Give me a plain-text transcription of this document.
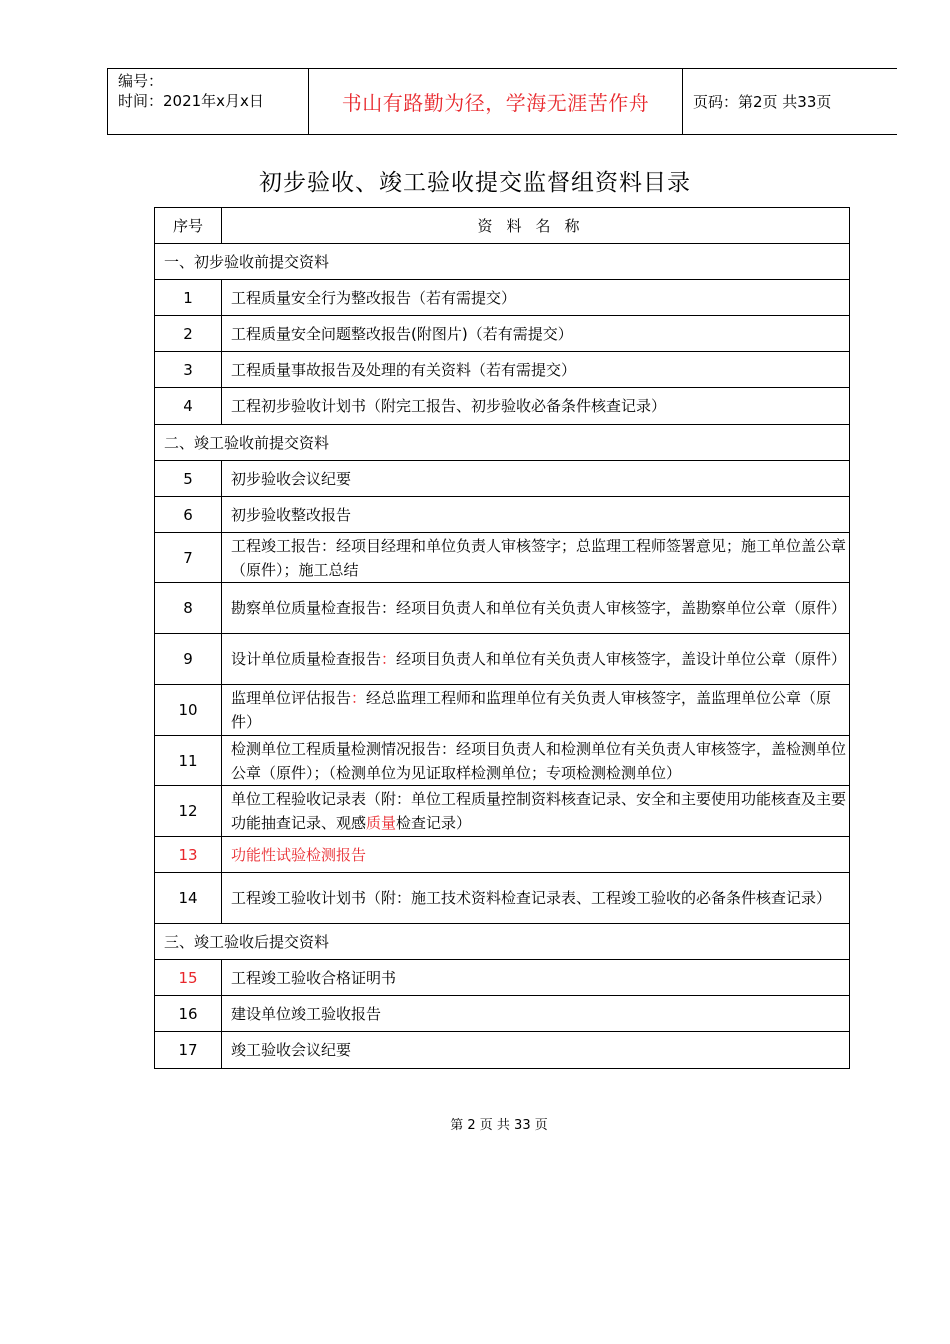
编号：
时间：2021年x月x日	书山有路勤为径，学海无涯苦作舟	页码：第2页 共33页
初步验收、竣工验收提交监督组资料目录
序号	资料名称
一、初步验收前提交资料	
1	工程质量安全行为整改报告（若有需提交）
2	工程质量安全问题整改报告(附图片)（若有需提交）
3	工程质量事故报告及处理的有关资料（若有需提交）
4	工程初步验收计划书（附完工报告、初步验收必备条件核查记录）
二、竣工验收前提交资料	
5	初步验收会议纪要
6	初步验收整改报告
7	工程竣工报告：经项目经理和单位负责人审核签字；总监理工程师签署意见；施工单位盖公章（原件）；施工总结
8	勘察单位质量检查报告：经项目负责人和单位有关负责人审核签字，盖勘察单位公章（原件）
9	设计单位质量检查报告：经项目负责人和单位有关负责人审核签字，盖设计单位公章（原件）
10	监理单位评估报告：经总监理工程师和监理单位有关负责人审核签字，盖监理单位公章（原件）
11	检测单位工程质量检测情况报告：经项目负责人和检测单位有关负责人审核签字，盖检测单位公章（原件）；（检测单位为见证取样检测单位；专项检测检测单位）
12	单位工程验收记录表（附：单位工程质量控制资料核查记录、安全和主要使用功能核查及主要功能抽查记录、观感质量检查记录）
13	功能性试验检测报告
14	工程竣工验收计划书（附：施工技术资料检查记录表、工程竣工验收的必备条件核查记录）
三、竣工验收后提交资料	
15	工程竣工验收合格证明书
16	建设单位竣工验收报告
17	竣工验收会议纪要
第 2 页 共 33 页
